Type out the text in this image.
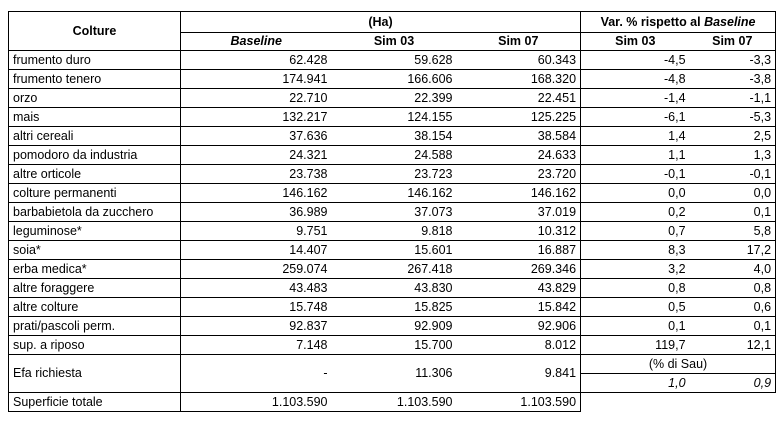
Colture	(Ha)			Var. % rispetto al Baseline	
	Baseline	Sim 03	Sim 07	Sim 03	Sim 07
frumento duro	62.428	59.628	60.343	-4,5	-3,3
frumento tenero	174.941	166.606	168.320	-4,8	-3,8
orzo	22.710	22.399	22.451	-1,4	-1,1
mais	132.217	124.155	125.225	-6,1	-5,3
altri cereali	37.636	38.154	38.584	1,4	2,5
pomodoro da industria	24.321	24.588	24.633	1,1	1,3
altre orticole	23.738	23.723	23.720	-0,1	-0,1
colture permanenti	146.162	146.162	146.162	0,0	0,0
barbabietola da zucchero	36.989	37.073	37.019	0,2	0,1
leguminose*	9.751	9.818	10.312	0,7	5,8
soia*	14.407	15.601	16.887	8,3	17,2
erba medica*	259.074	267.418	269.346	3,2	4,0
altre foraggere	43.483	43.830	43.829	0,8	0,8
altre colture	15.748	15.825	15.842	0,5	0,6
prati/pascoli perm.	92.837	92.909	92.906	0,1	0,1
sup. a riposo	7.148	15.700	8.012	119,7	12,1
Efa richiesta	-	11.306	9.841	(% di Sau)	
				1,0	0,9
Superficie totale	1.103.590	1.103.590	1.103.590		
